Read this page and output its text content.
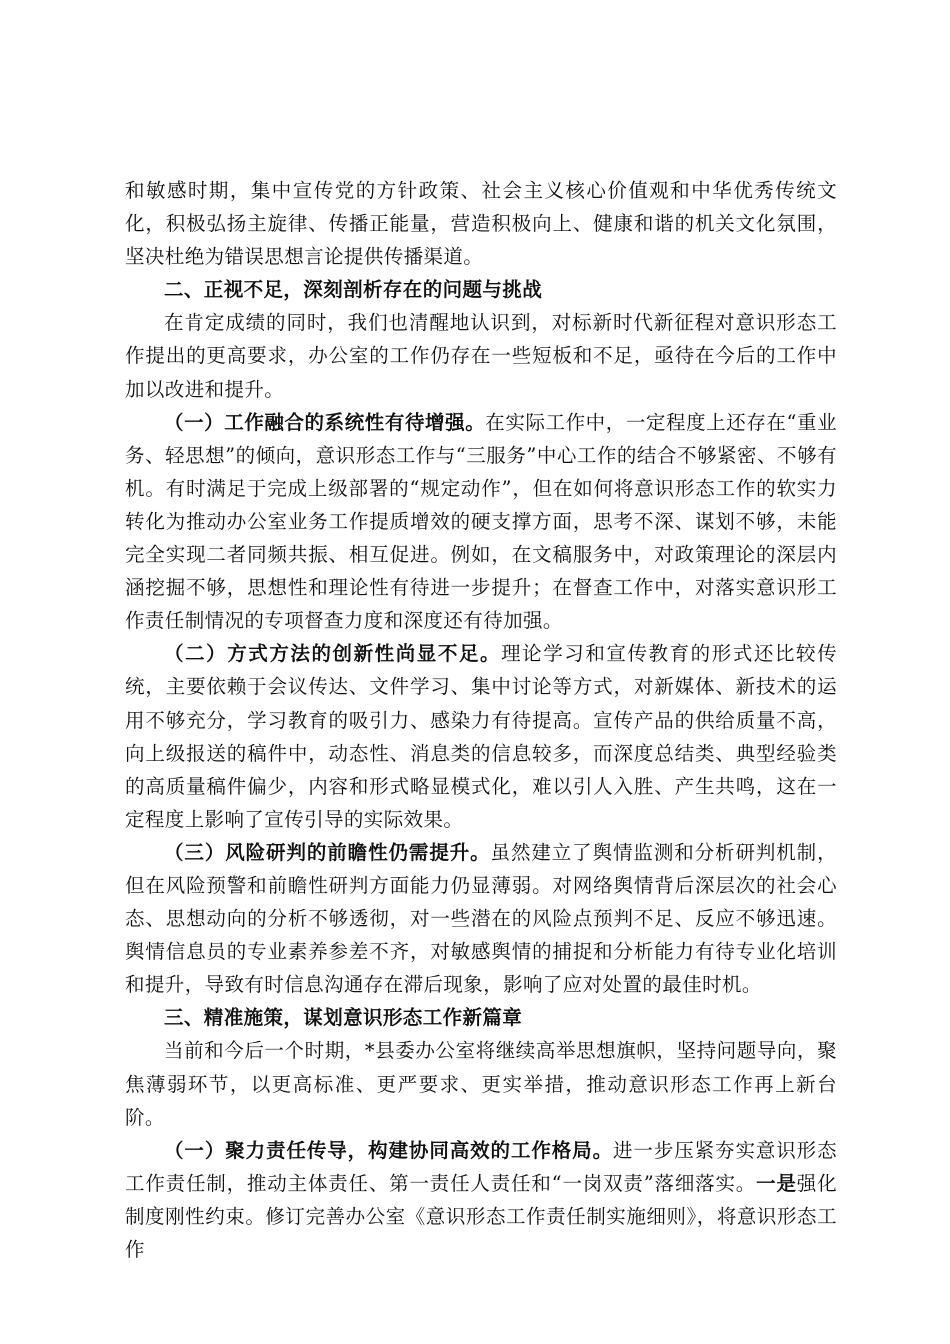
和敏感时期，集中宣传党的方针政策、社会主义核心价值观和中华优秀传统文化，积极弘扬主旋律、传播正能量，营造积极向上、健康和谐的机关文化氛围，坚决杜绝为错误思想言论提供传播渠道。

二、正视不足，深刻剖析存在的问题与挑战

在肯定成绩的同时，我们也清醒地认识到，对标新时代新征程对意识形态工作提出的更高要求，办公室的工作仍存在一些短板和不足，亟待在今后的工作中加以改进和提升。

（一）工作融合的系统性有待增强。在实际工作中，一定程度上还存在“重业务、轻思想”的倾向，意识形态工作与“三服务”中心工作的结合不够紧密、不够有机。有时满足于完成上级部署的“规定动作”，但在如何将意识形态工作的软实力转化为推动办公室业务工作提质增效的硬支撑方面，思考不深、谋划不够，未能完全实现二者同频共振、相互促进。例如，在文稿服务中，对政策理论的深层内涵挖掘不够，思想性和理论性有待进一步提升；在督查工作中，对落实意识形工作责任制情况的专项督查力度和深度还有待加强。

（二）方式方法的创新性尚显不足。理论学习和宣传教育的形式还比较传统，主要依赖于会议传达、文件学习、集中讨论等方式，对新媒体、新技术的运用不够充分，学习教育的吸引力、感染力有待提高。宣传产品的供给质量不高，向上级报送的稿件中，动态性、消息类的信息较多，而深度总结类、典型经验类的高质量稿件偏少，内容和形式略显模式化，难以引人入胜、产生共鸣，这在一定程度上影响了宣传引导的实际效果。

（三）风险研判的前瞻性仍需提升。虽然建立了舆情监测和分析研判机制，但在风险预警和前瞻性研判方面能力仍显薄弱。对网络舆情背后深层次的社会心态、思想动向的分析不够透彻，对一些潜在的风险点预判不足、反应不够迅速。舆情信息员的专业素养参差不齐，对敏感舆情的捕捉和分析能力有待专业化培训和提升，导致有时信息沟通存在滞后现象，影响了应对处置的最佳时机。

三、精准施策，谋划意识形态工作新篇章

当前和今后一个时期，*县委办公室将继续高举思想旗帜，坚持问题导向，聚焦薄弱环节，以更高标准、更严要求、更实举措，推动意识形态工作再上新台阶。

（一）聚力责任传导，构建协同高效的工作格局。进一步压紧夯实意识形态工作责任制，推动主体责任、第一责任人责任和“一岗双责”落细落实。一是强化制度刚性约束。修订完善办公室《意识形态工作责任制实施细则》，将意识形态工作
